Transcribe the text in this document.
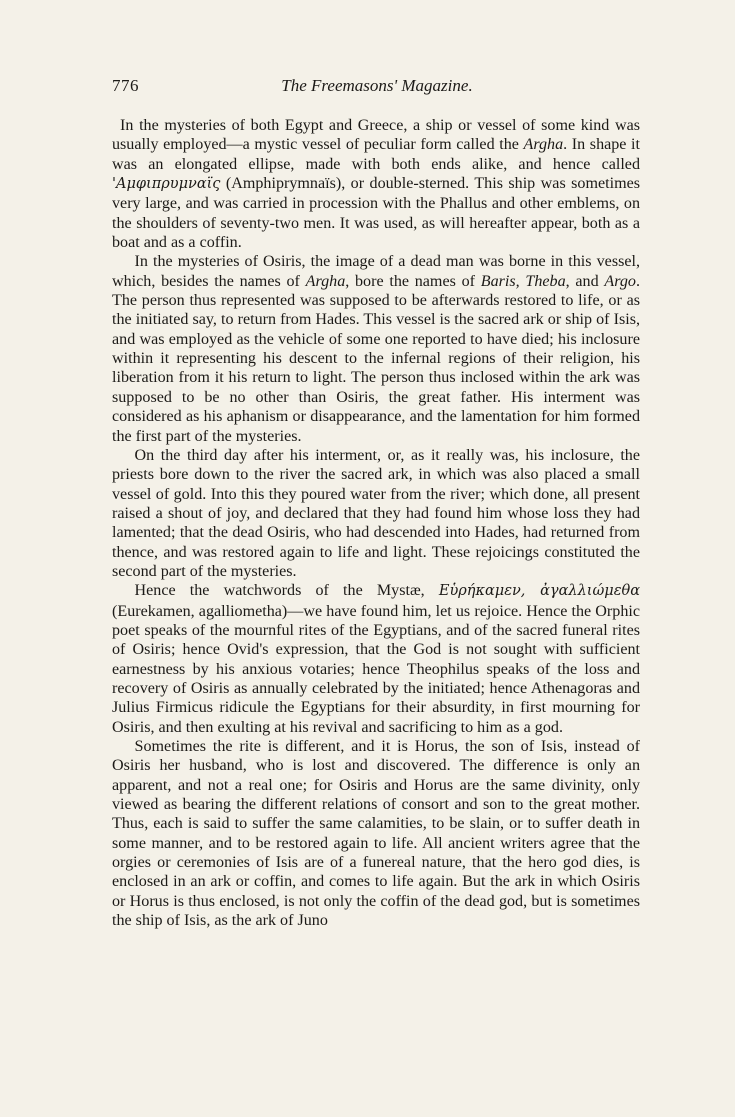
776	The Freemasons' Magazine.

In the mysteries of both Egypt and Greece, a ship or vessel of some kind was usually employed—a mystic vessel of peculiar form called the Argha. In shape it was an elongated ellipse, made with both ends alike, and hence called 'Αμφιπρυμναϊς (Amphiprymnaïs), or double-sterned. This ship was sometimes very large, and was carried in procession with the Phallus and other emblems, on the shoulders of seventy-two men. It was used, as will hereafter appear, both as a boat and as a coffin.

In the mysteries of Osiris, the image of a dead man was borne in this vessel, which, besides the names of Argha, bore the names of Baris, Theba, and Argo. The person thus represented was supposed to be afterwards restored to life, or as the initiated say, to return from Hades. This vessel is the sacred ark or ship of Isis, and was employed as the vehicle of some one reported to have died; his inclosure within it representing his descent to the infernal regions of their religion, his liberation from it his return to light. The person thus inclosed within the ark was supposed to be no other than Osiris, the great father. His interment was considered as his aphanism or disappearance, and the lamentation for him formed the first part of the mysteries.

On the third day after his interment, or, as it really was, his inclosure, the priests bore down to the river the sacred ark, in which was also placed a small vessel of gold. Into this they poured water from the river; which done, all present raised a shout of joy, and declared that they had found him whose loss they had lamented; that the dead Osiris, who had descended into Hades, had returned from thence, and was restored again to life and light. These rejoicings constituted the second part of the mysteries.

Hence the watchwords of the Mystæ, Εὑρήκαμεν, ἀγαλλιώμεθα (Eurekamen, agalliometha)—we have found him, let us rejoice. Hence the Orphic poet speaks of the mournful rites of the Egyptians, and of the sacred funeral rites of Osiris; hence Ovid's expression, that the God is not sought with sufficient earnestness by his anxious votaries; hence Theophilus speaks of the loss and recovery of Osiris as annually celebrated by the initiated; hence Athenagoras and Julius Firmicus ridicule the Egyptians for their absurdity, in first mourning for Osiris, and then exulting at his revival and sacrificing to him as a god.

Sometimes the rite is different, and it is Horus, the son of Isis, instead of Osiris her husband, who is lost and discovered. The difference is only an apparent, and not a real one; for Osiris and Horus are the same divinity, only viewed as bearing the different relations of consort and son to the great mother. Thus, each is said to suffer the same calamities, to be slain, or to suffer death in some manner, and to be restored again to life. All ancient writers agree that the orgies or ceremonies of Isis are of a funereal nature, that the hero god dies, is enclosed in an ark or coffin, and comes to life again. But the ark in which Osiris or Horus is thus enclosed, is not only the coffin of the dead god, but is sometimes the ship of Isis, as the ark of Juno
